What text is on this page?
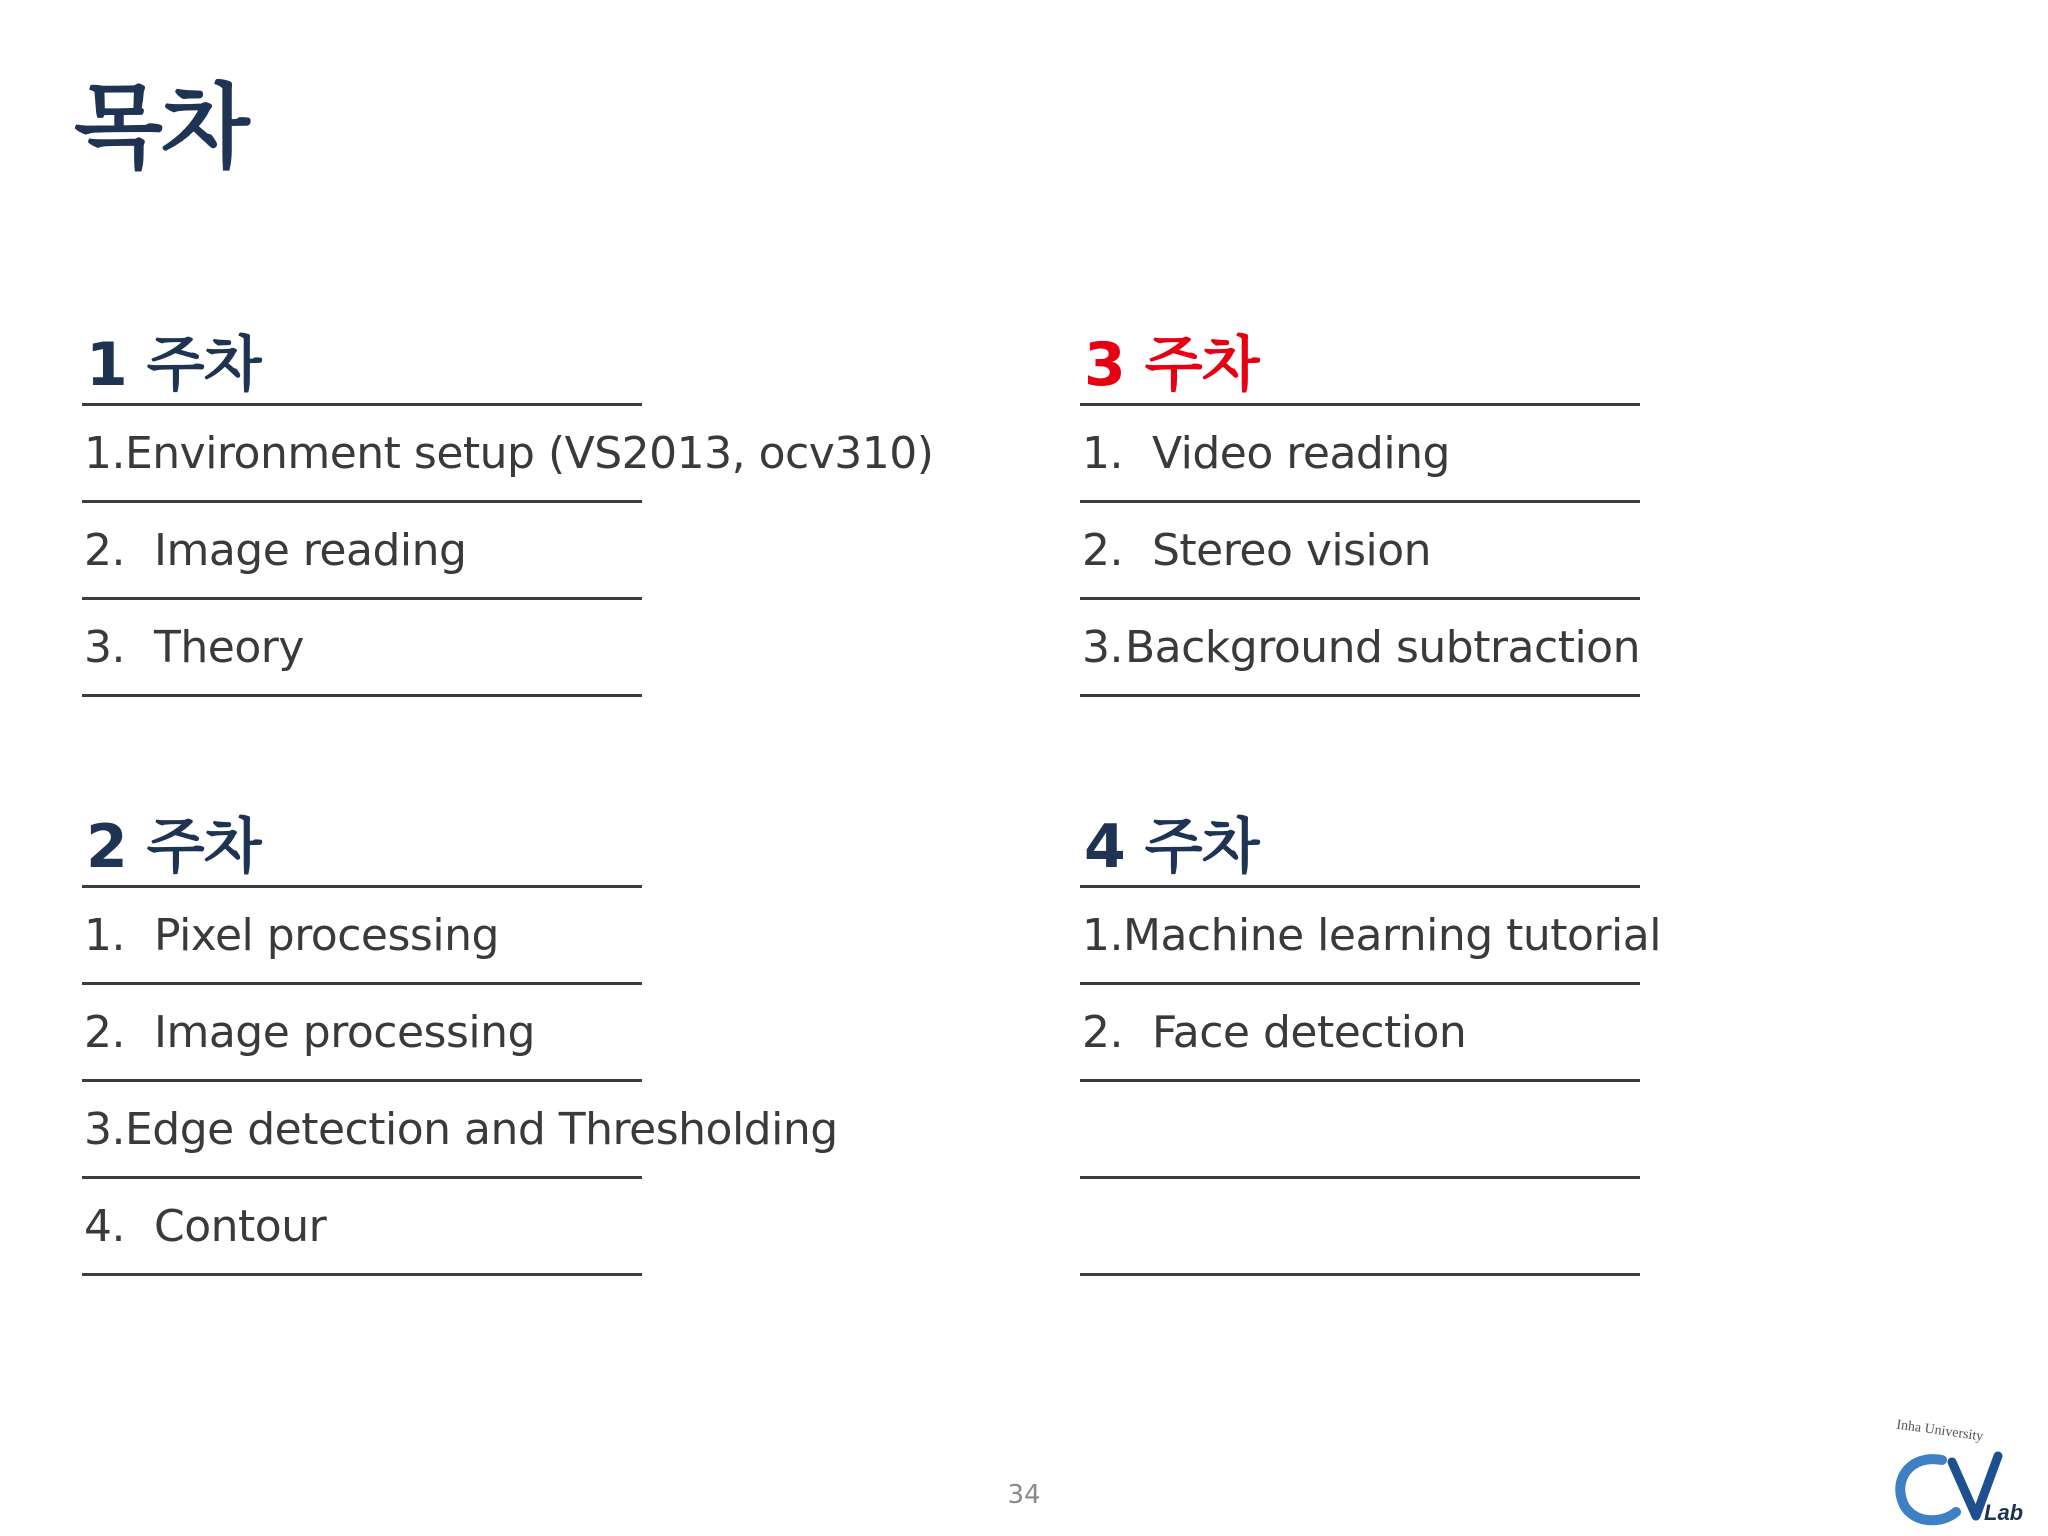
목차
1 주차
1. Environment setup (VS2013, ocv310)
2. Image reading
3. Theory
2 주차
1. Pixel processing
2. Image processing
3. Edge detection and Thresholding
4. Contour
3 주차
1. Video reading
2. Stereo vision
3. Background subtraction
4 주차
1. Machine learning tutorial
2. Face detection
34
Inha University
Lab
